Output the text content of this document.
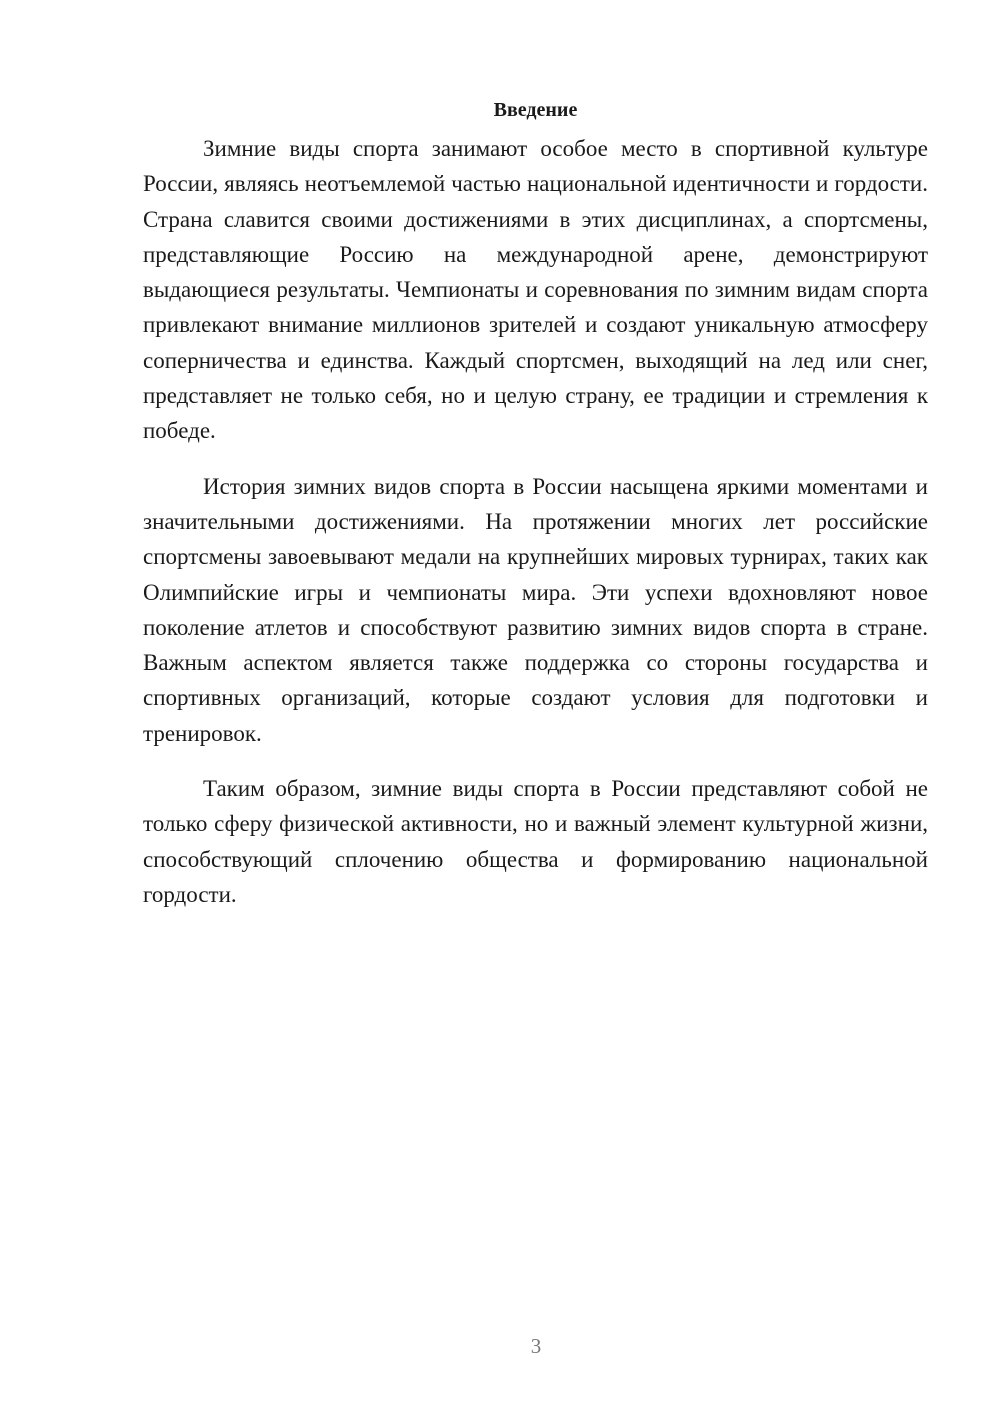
Введение

Зимние виды спорта занимают особое место в спортивной культуре России, являясь неотъемлемой частью национальной идентичности и гордости. Страна славится своими достижениями в этих дисциплинах, а спортсмены, представляющие Россию на международной арене, демонстрируют выдающиеся результаты. Чемпионаты и соревнования по зимним видам спорта привлекают внимание миллионов зрителей и создают уникальную атмосферу соперничества и единства. Каждый спортсмен, выходящий на лед или снег, представляет не только себя, но и целую страну, ее традиции и стремления к победе.

История зимних видов спорта в России насыщена яркими моментами и значительными достижениями. На протяжении многих лет российские спортсмены завоевывают медали на крупнейших мировых турнирах, таких как Олимпийские игры и чемпионаты мира. Эти успехи вдохновляют новое поколение атлетов и способствуют развитию зимних видов спорта в стране. Важным аспектом является также поддержка со стороны государства и спортивных организаций, которые создают условия для подготовки и тренировок.

Таким образом, зимние виды спорта в России представляют собой не только сферу физической активности, но и важный элемент культурной жизни, способствующий сплочению общества и формированию национальной гордости.

3
